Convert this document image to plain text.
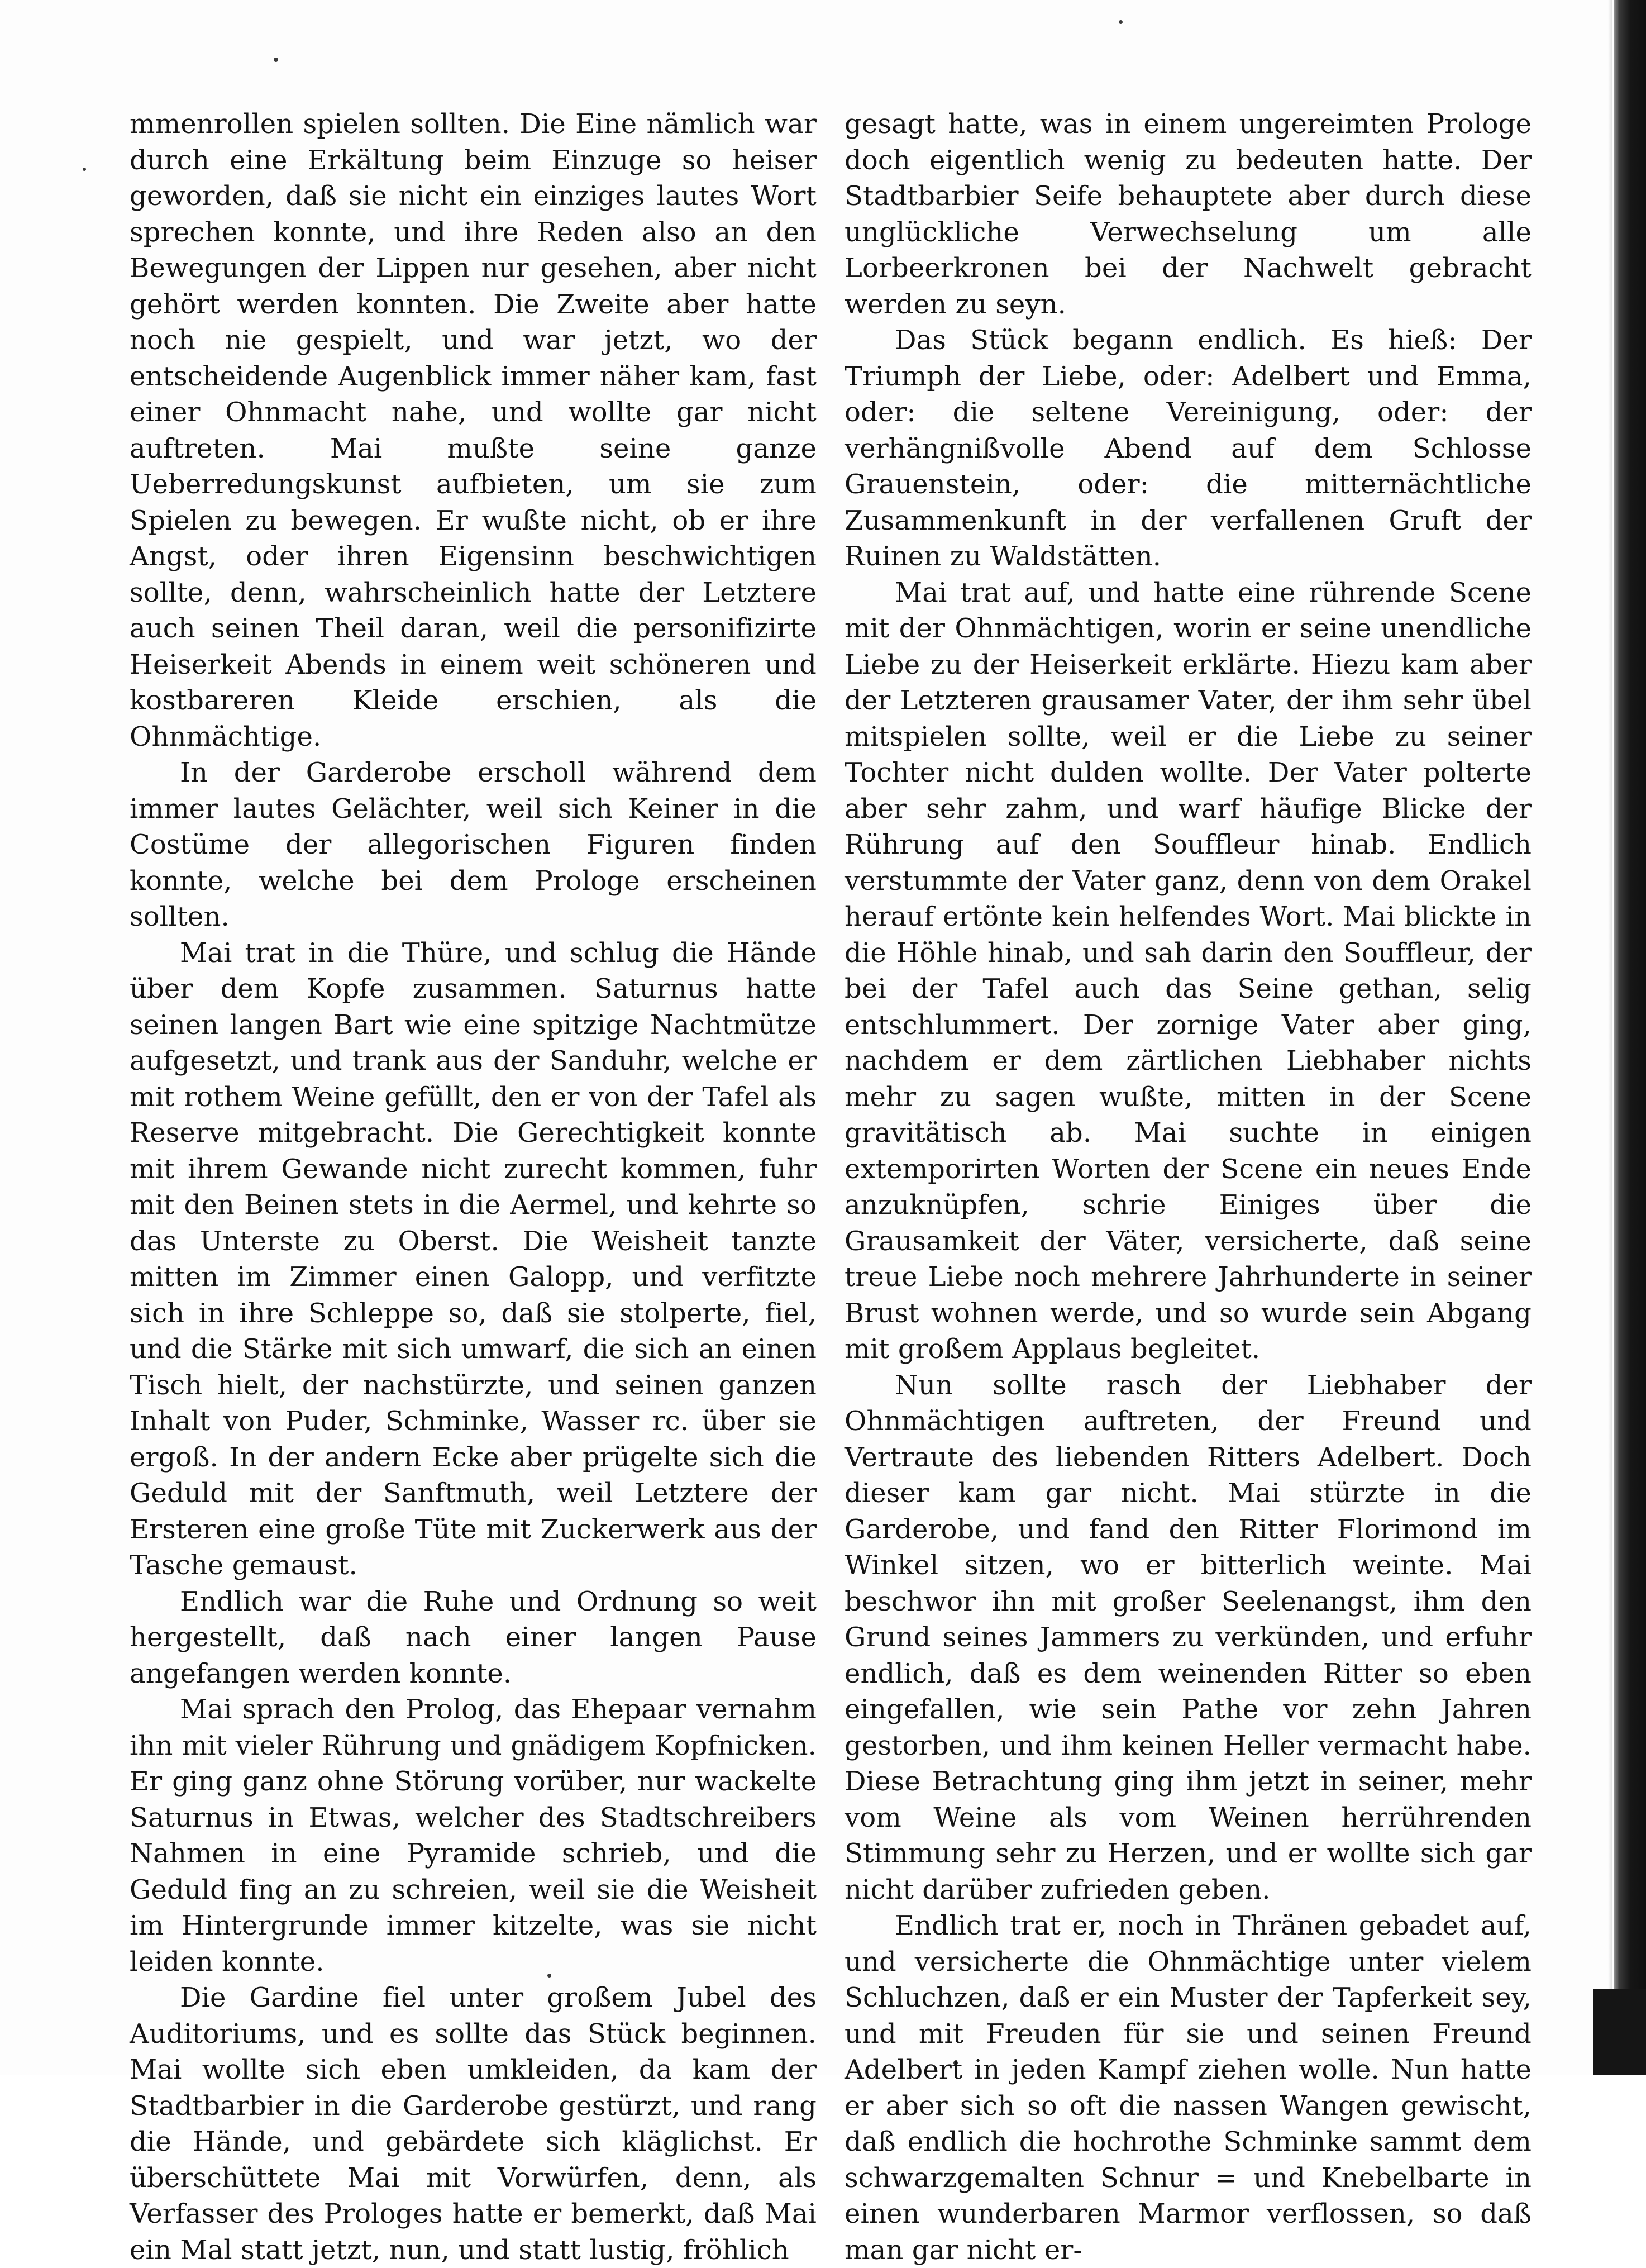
mmenrollen spielen sollten. Die Eine nämlich war durch eine Erkältung beim Einzuge so heiser geworden, daß sie nicht ein einziges lautes Wort sprechen konnte, und ihre Reden also an den Bewegungen der Lippen nur gesehen, aber nicht gehört werden konnten. Die Zweite aber hatte noch nie gespielt, und war jetzt, wo der entscheidende Augenblick immer näher kam, fast einer Ohnmacht nahe, und wollte gar nicht auftreten. Mai mußte seine ganze Ueberredungskunst aufbieten, um sie zum Spielen zu bewegen. Er wußte nicht, ob er ihre Angst, oder ihren Eigensinn beschwichtigen sollte, denn, wahrscheinlich hatte der Letztere auch seinen Theil daran, weil die personifizirte Heiserkeit Abends in einem weit schöneren und kostbareren Kleide erschien, als die Ohnmächtige.

In der Garderobe erscholl während dem immer lautes Gelächter, weil sich Keiner in die Costüme der allegorischen Figuren finden konnte, welche bei dem Prologe erscheinen sollten.

Mai trat in die Thüre, und schlug die Hände über dem Kopfe zusammen. Saturnus hatte seinen langen Bart wie eine spitzige Nachtmütze aufgesetzt, und trank aus der Sanduhr, welche er mit rothem Weine gefüllt, den er von der Tafel als Reserve mitgebracht. Die Gerechtigkeit konnte mit ihrem Gewande nicht zurecht kommen, fuhr mit den Beinen stets in die Aermel, und kehrte so das Unterste zu Oberst. Die Weisheit tanzte mitten im Zimmer einen Galopp, und verfitzte sich in ihre Schleppe so, daß sie stolperte, fiel, und die Stärke mit sich umwarf, die sich an einen Tisch hielt, der nachstürzte, und seinen ganzen Inhalt von Puder, Schminke, Wasser rc. über sie ergoß. In der andern Ecke aber prügelte sich die Geduld mit der Sanftmuth, weil Letztere der Ersteren eine große Tüte mit Zuckerwerk aus der Tasche gemaust.

Endlich war die Ruhe und Ordnung so weit hergestellt, daß nach einer langen Pause angefangen werden konnte.

Mai sprach den Prolog, das Ehepaar vernahm ihn mit vieler Rührung und gnädigem Kopfnicken. Er ging ganz ohne Störung vorüber, nur wackelte Saturnus in Etwas, welcher des Stadtschreibers Nahmen in eine Pyramide schrieb, und die Geduld fing an zu schreien, weil sie die Weisheit im Hintergrunde immer kitzelte, was sie nicht leiden konnte.

Die Gardine fiel unter großem Jubel des Auditoriums, und es sollte das Stück beginnen. Mai wollte sich eben umkleiden, da kam der Stadtbarbier in die Garderobe gestürzt, und rang die Hände, und gebärdete sich kläglichst. Er überschüttete Mai mit Vorwürfen, denn, als Verfasser des Prologes hatte er bemerkt, daß Mai ein Mal statt jetzt, nun, und statt lustig, fröhlich

gesagt hatte, was in einem ungereimten Prologe doch eigentlich wenig zu bedeuten hatte. Der Stadtbarbier Seife behauptete aber durch diese unglückliche Verwechselung um alle Lorbeerkronen bei der Nachwelt gebracht werden zu seyn.

Das Stück begann endlich. Es hieß: Der Triumph der Liebe, oder: Adelbert und Emma, oder: die seltene Vereinigung, oder: der verhängnißvolle Abend auf dem Schlosse Grauenstein, oder: die mitternächtliche Zusammenkunft in der verfallenen Gruft der Ruinen zu Waldstätten.

Mai trat auf, und hatte eine rührende Scene mit der Ohnmächtigen, worin er seine unendliche Liebe zu der Heiserkeit erklärte. Hiezu kam aber der Letzteren grausamer Vater, der ihm sehr übel mitspielen sollte, weil er die Liebe zu seiner Tochter nicht dulden wollte. Der Vater polterte aber sehr zahm, und warf häufige Blicke der Rührung auf den Souffleur hinab. Endlich verstummte der Vater ganz, denn von dem Orakel herauf ertönte kein helfendes Wort. Mai blickte in die Höhle hinab, und sah darin den Souffleur, der bei der Tafel auch das Seine gethan, selig entschlummert. Der zornige Vater aber ging, nachdem er dem zärtlichen Liebhaber nichts mehr zu sagen wußte, mitten in der Scene gravitätisch ab. Mai suchte in einigen extemporirten Worten der Scene ein neues Ende anzuknüpfen, schrie Einiges über die Grausamkeit der Väter, versicherte, daß seine treue Liebe noch mehrere Jahrhunderte in seiner Brust wohnen werde, und so wurde sein Abgang mit großem Applaus begleitet.

Nun sollte rasch der Liebhaber der Ohnmächtigen auftreten, der Freund und Vertraute des liebenden Ritters Adelbert. Doch dieser kam gar nicht. Mai stürzte in die Garderobe, und fand den Ritter Florimond im Winkel sitzen, wo er bitterlich weinte. Mai beschwor ihn mit großer Seelenangst, ihm den Grund seines Jammers zu verkünden, und erfuhr endlich, daß es dem weinenden Ritter so eben eingefallen, wie sein Pathe vor zehn Jahren gestorben, und ihm keinen Heller vermacht habe. Diese Betrachtung ging ihm jetzt in seiner, mehr vom Weine als vom Weinen herrührenden Stimmung sehr zu Herzen, und er wollte sich gar nicht darüber zufrieden geben.

Endlich trat er, noch in Thränen gebadet auf, und versicherte die Ohnmächtige unter vielem Schluchzen, daß er ein Muster der Tapferkeit sey, und mit Freuden für sie und seinen Freund Adelbert in jeden Kampf ziehen wolle. Nun hatte er aber sich so oft die nassen Wangen gewischt, daß endlich die hochrothe Schminke sammt dem schwarzgemalten Schnur = und Knebelbarte in einen wunderbaren Marmor verflossen, so daß man gar nicht er-
